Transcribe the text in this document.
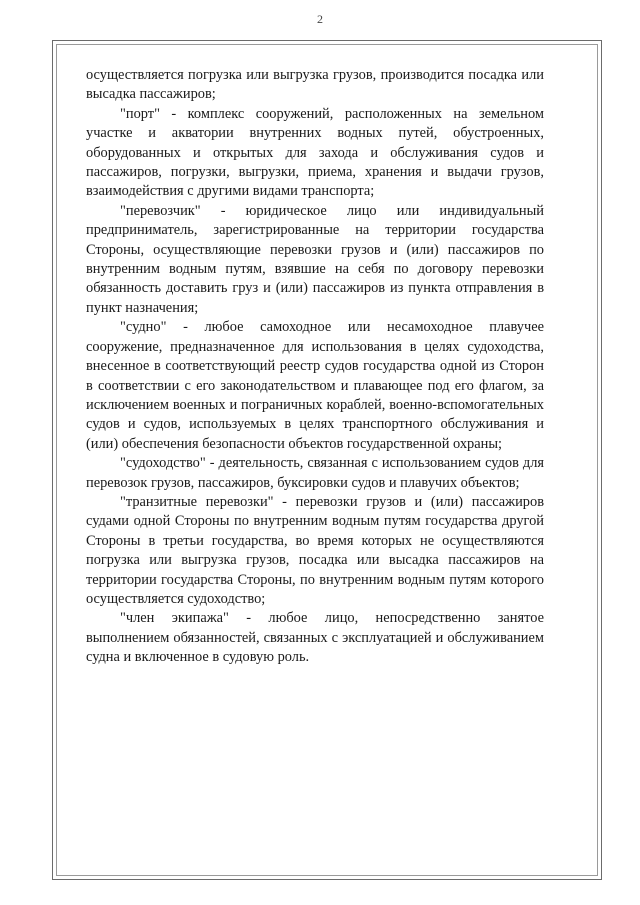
2

осуществляется погрузка или выгрузка грузов, производится посадка или высадка пассажиров;

"порт" - комплекс сооружений, расположенных на земельном участке и акватории внутренних водных путей, обустроенных, оборудованных и открытых для захода и обслуживания судов и пассажиров, погрузки, выгрузки, приема, хранения и выдачи грузов, взаимодействия с другими видами транспорта;

"перевозчик" - юридическое лицо или индивидуальный предприниматель, зарегистрированные на территории государства Стороны, осуществляющие перевозки грузов и (или) пассажиров по внутренним водным путям, взявшие на себя по договору перевозки обязанность доставить груз и (или) пассажиров из пункта отправления в пункт назначения;

"судно" - любое самоходное или несамоходное плавучее сооружение, предназначенное для использования в целях судоходства, внесенное в соответствующий реестр судов государства одной из Сторон в соответствии с его законодательством и плавающее под его флагом, за исключением военных и пограничных кораблей, военно-вспомогательных судов и судов, используемых в целях транспортного обслуживания и (или) обеспечения безопасности объектов государственной охраны;

"судоходство" - деятельность, связанная с использованием судов для перевозок грузов, пассажиров, буксировки судов и плавучих объектов;

"транзитные перевозки" - перевозки грузов и (или) пассажиров судами одной Стороны по внутренним водным путям государства другой Стороны в третьи государства, во время которых не осуществляются погрузка или выгрузка грузов, посадка или высадка пассажиров на территории государства Стороны, по внутренним водным путям которого осуществляется судоходство;

"член экипажа" - любое лицо, непосредственно занятое выполнением обязанностей, связанных с эксплуатацией и обслуживанием судна и включенное в судовую роль.
